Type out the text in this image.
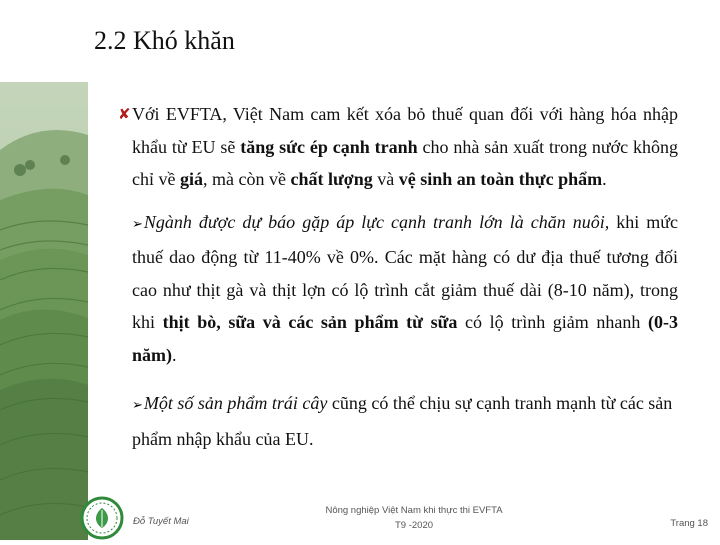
2.2 Khó khăn

✘ Với EVFTA, Việt Nam cam kết xóa bỏ thuế quan đối với hàng hóa nhập khẩu từ EU sẽ tăng sức ép cạnh tranh cho nhà sản xuất trong nước không chỉ về giá, mà còn về chất lượng và vệ sinh an toàn thực phẩm.

➢Ngành được dự báo gặp áp lực cạnh tranh lớn là chăn nuôi, khi mức thuế dao động từ 11-40% về 0%. Các mặt hàng có dư địa thuế tương đối cao như thịt gà và thịt lợn có lộ trình cắt giảm thuế dài (8-10 năm), trong khi thịt bò, sữa và các sản phẩm từ sữa có lộ trình giảm nhanh (0-3 năm).

➢Một số sản phẩm trái cây cũng có thể chịu sự cạnh tranh mạnh từ các sản phẩm nhập khẩu của EU.

Đỗ Tuyết Mai
Nông nghiệp Việt Nam khi thực thi EVFTA
T9 -2020	Trang 18
